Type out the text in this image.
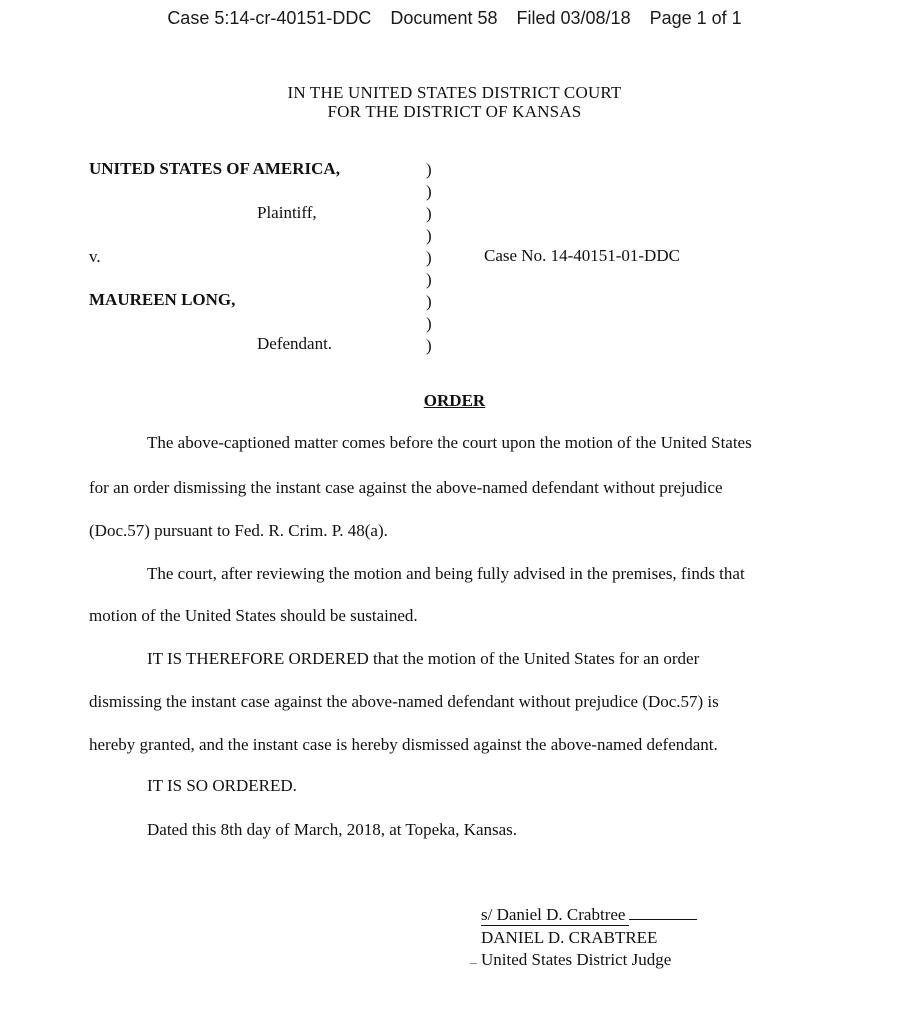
Case 5:14-cr-40151-DDC Document 58 Filed 03/08/18 Page 1 of 1
IN THE UNITED STATES DISTRICT COURT
FOR THE DISTRICT OF KANSAS
UNITED STATES OF AMERICA,
Plaintiff,
v.
MAUREEN LONG,
Defendant.
)
)
)
)
)
)
)
)
)
Case No. 14-40151-01-DDC
ORDER
The above-captioned matter comes before the court upon the motion of the United States
for an order dismissing the instant case against the above-named defendant without prejudice
(Doc.57) pursuant to Fed. R. Crim. P. 48(a).
The court, after reviewing the motion and being fully advised in the premises, finds that
motion of the United States should be sustained.
IT IS THEREFORE ORDERED that the motion of the United States for an order
dismissing the instant case against the above-named defendant without prejudice (Doc.57) is
hereby granted, and the instant case is hereby dismissed against the above-named defendant.
IT IS SO ORDERED.
Dated this 8th day of March, 2018, at Topeka, Kansas.
s/ Daniel D. Crabtree
DANIEL D. CRABTREE
United States District Judge
